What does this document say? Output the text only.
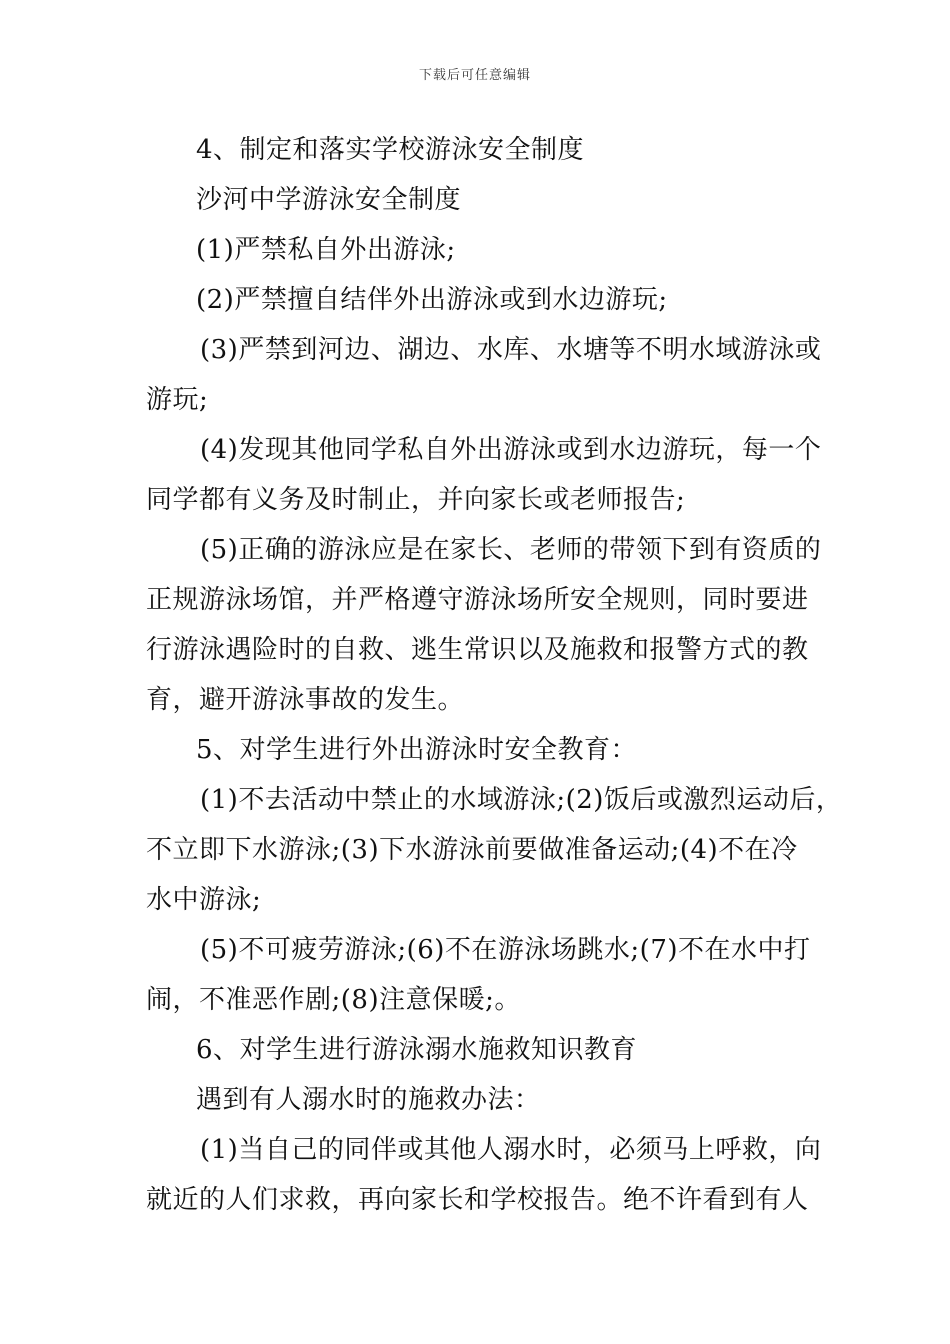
下载后可任意编辑
4、制定和落实学校游泳安全制度
沙河中学游泳安全制度
(1)严禁私自外出游泳;
(2)严禁擅自结伴外出游泳或到水边游玩;
(3)严禁到河边、湖边、水库、水塘等不明水域游泳或
游玩;
(4)发现其他同学私自外出游泳或到水边游玩，每一个
同学都有义务及时制止，并向家长或老师报告;
(5)正确的游泳应是在家长、老师的带领下到有资质的
正规游泳场馆，并严格遵守游泳场所安全规则，同时要进
行游泳遇险时的自救、逃生常识以及施救和报警方式的教
育，避开游泳事故的发生。
5、对学生进行外出游泳时安全教育：
(1)不去活动中禁止的水域游泳;(2)饭后或激烈运动后，
不立即下水游泳;(3)下水游泳前要做准备运动;(4)不在冷
水中游泳;
(5)不可疲劳游泳;(6)不在游泳场跳水;(7)不在水中打
闹，不准恶作剧;(8)注意保暖;。
6、对学生进行游泳溺水施救知识教育
遇到有人溺水时的施救办法：
(1)当自己的同伴或其他人溺水时，必须马上呼救，向
就近的人们求救，再向家长和学校报告。绝不许看到有人
